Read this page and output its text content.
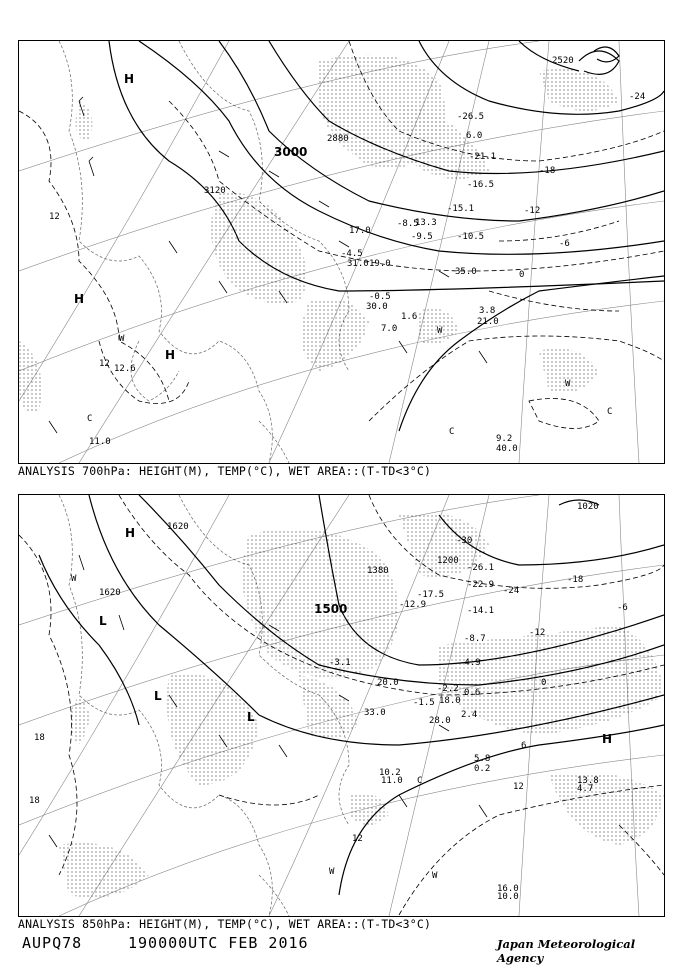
3000
3120
2880
2520
-24
-18
-12
-6
0
12
12
H
H
H
W
W
W
C
C
C
-26.5
-21.1
-16.5
-15.1
-10.5
-9.5
-8.5
-4.5
-0.5
1.6
3.8
6.0
7.0
9.2
11.0
12.6
13.3
17.0
19.0
21.0
30.0
31.0
35.0
40.0
ANALYSIS 700hPa: HEIGHT(M), TEMP(°C), WET AREA::(T-TD<3°C)
1620
1620
1380
1500
1200
1020
-30
-24
-18
-12
-6
0
6
12
12
18
18
H
H
L
L
L
W
W	W
C
-26.1
-22.9
-17.5
-14.1
-12.9
-8.7
-4.9
-3.1
-2.2
-1.5
0.2
0.6
2.4
4.7
5.8
10.0
10.2
11.0	13.8
16.0
18.0
20.0
28.0
33.0
ANALYSIS 850hPa: HEIGHT(M), TEMP(°C), WET AREA::(T-TD<3°C)
AUPQ78	190000UTC FEB 2016	Japan Meteorological Agency
